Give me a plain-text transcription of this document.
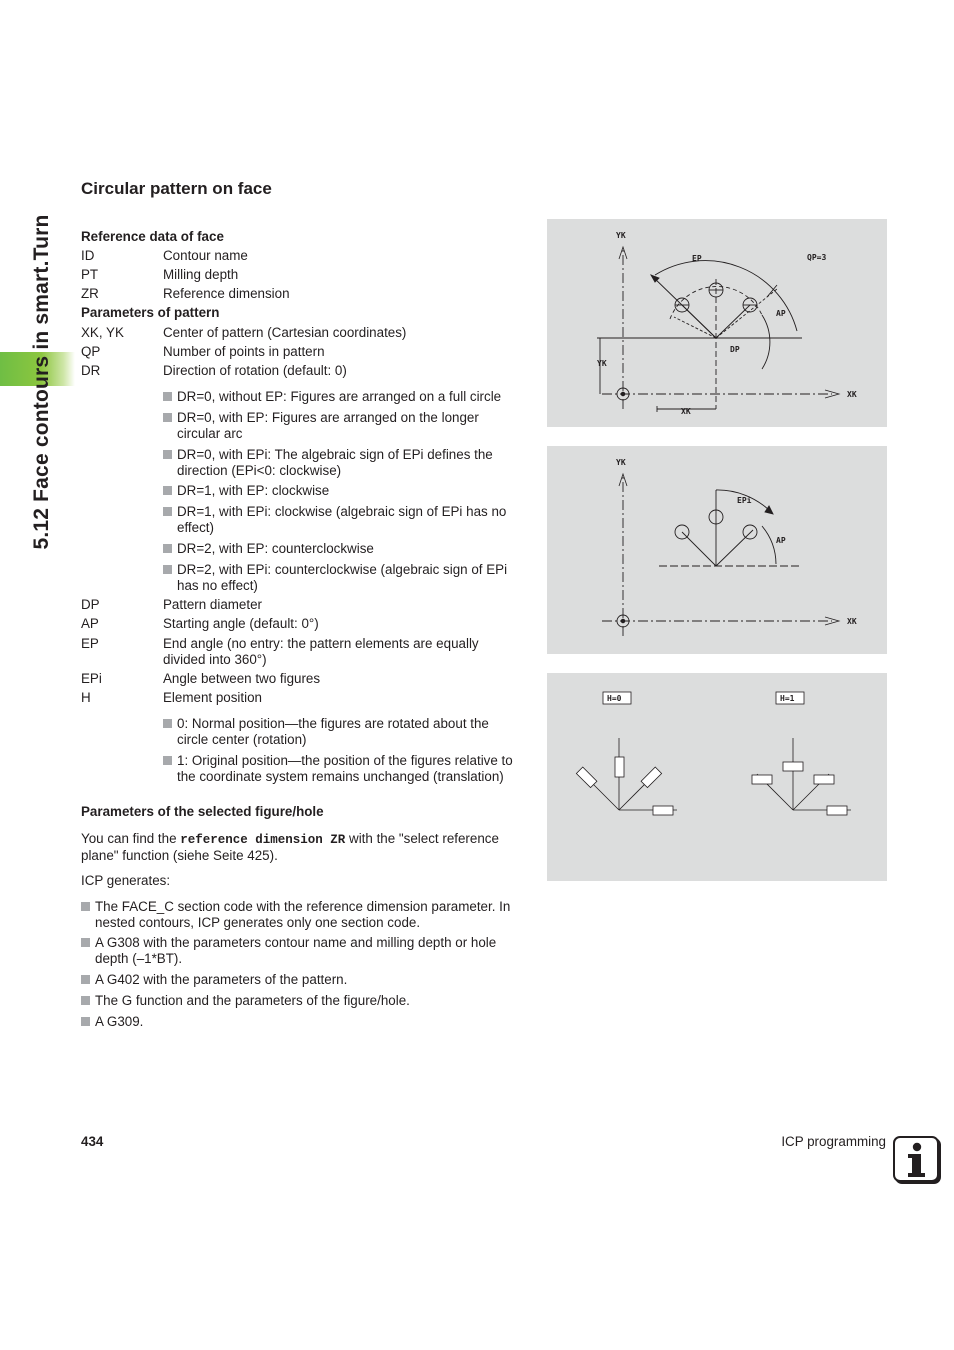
5.12 Face contours in smart.Turn
Circular pattern on face
Reference data of face
ID	Contour name
PT	Milling depth
ZR	Reference dimension
Parameters of pattern
XK, YK	Center of pattern (Cartesian coordinates)
QP	Number of points in pattern
DR	Direction of rotation (default: 0)
DR=0, without EP: Figures are arranged on a full circle
DR=0, with EP: Figures are arranged on the longer circular arc
DR=0, with EPi: The algebraic sign of EPi defines the direction (EPi<0: clockwise)
DR=1, with EP: clockwise
DR=1, with EPi: clockwise (algebraic sign of EPi has no effect)
DR=2, with EP: counterclockwise
DR=2, with EPi: counterclockwise (algebraic sign of EPi has no effect)
DP	Pattern diameter
AP	Starting angle (default: 0°)
EP	End angle (no entry: the pattern elements are equally divided into 360°)
EPi	Angle between two figures
H	Element position
0: Normal position—the figures are rotated about the circle center (rotation)
1: Original position—the position of the figures relative to the coordinate system remains unchanged (translation)
Parameters of the selected figure/hole
You can find the reference dimension ZR with the "select reference plane" function (siehe Seite 425).
ICP generates:
The FACE_C section code with the reference dimension parameter. In nested contours, ICP generates only one section code.
A G308 with the parameters contour name and milling depth or hole depth (–1*BT).
A G402 with the parameters of the pattern.
The G function and the parameters of the figure/hole.
A G309.
YK
XK
EP	QP=3
AP
DP
YK
XK
YK
XK
EPi
AP
H=0	H=1
434	ICP programming
